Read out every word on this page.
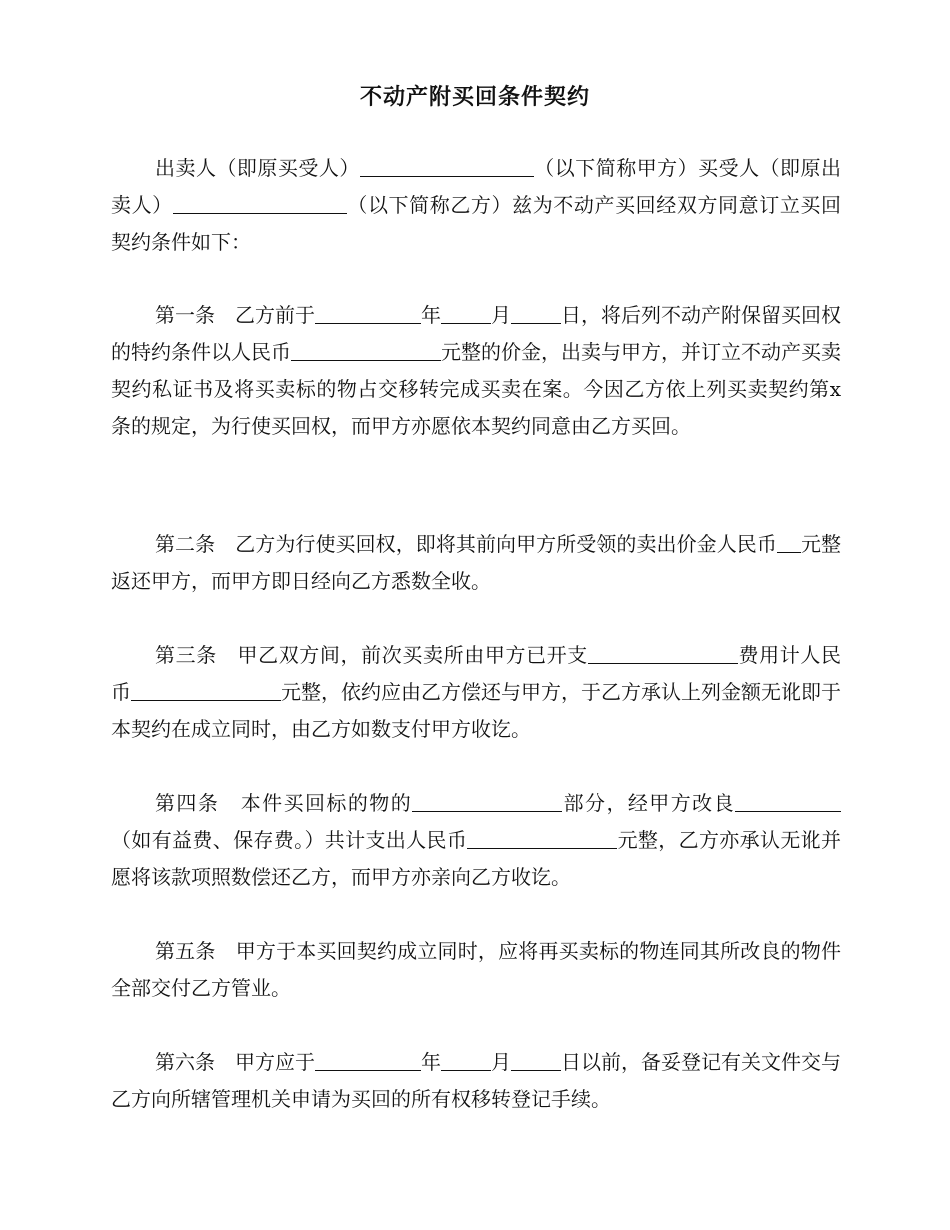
不动产附买回条件契约

出卖人（即原买受人）	（以下简称甲方）买受人（即原出卖人）	（以下简称乙方）兹为不动产买回经双方同意订立买回契约条件如下：

第一条　乙方前于	年	月	日，将后列不动产附保留买回权的特约条件以人民币	元整的价金，出卖与甲方，并订立不动产买卖契约私证书及将买卖标的物占交移转完成买卖在案。今因乙方依上列买卖契约第x条的规定，为行使买回权，而甲方亦愿依本契约同意由乙方买回。

第二条　乙方为行使买回权，即将其前向甲方所受领的卖出价金人民币 元整返还甲方，而甲方即日经向乙方悉数全收。

第三条　甲乙双方间，前次买卖所由甲方已开支	费用计人民币	元整，依约应由乙方偿还与甲方，于乙方承认上列金额无讹即于本契约在成立同时，由乙方如数支付甲方收讫。

第四条　本件买回标的物的	部分，经甲方改良（如有益费、保存费。）共计支出人民币	元整，乙方亦承认无讹并愿将该款项照数偿还乙方，而甲方亦亲向乙方收讫。

第五条　甲方于本买回契约成立同时，应将再买卖标的物连同其所改良的物件全部交付乙方管业。

第六条　甲方应于	年	月	日以前，备妥登记有关文件交与乙方向所辖管理机关申请为买回的所有权移转登记手续。
